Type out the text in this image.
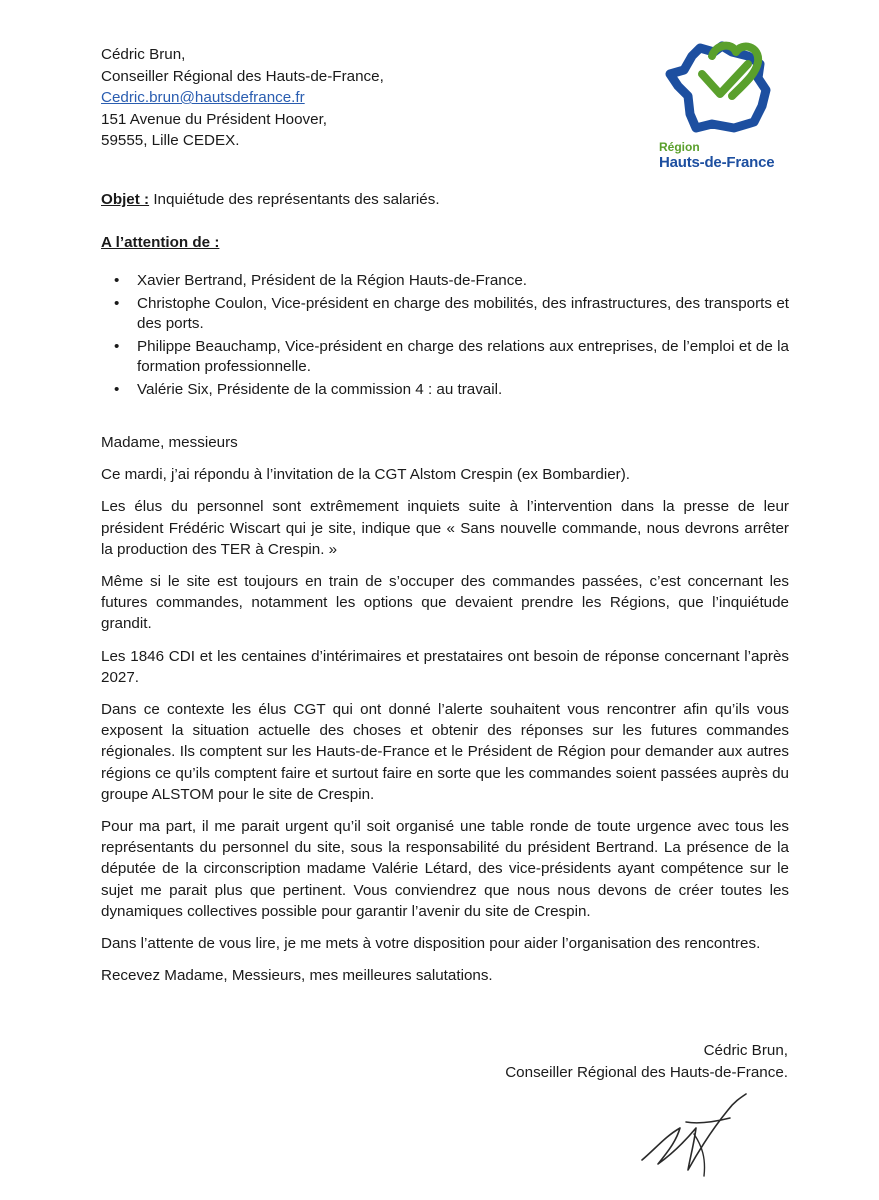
Cédric Brun,
Conseiller Régional des Hauts-de-France,
Cedric.brun@hautsdefrance.fr
151 Avenue du Président Hoover,
59555, Lille CEDEX.	Région
Hauts-de-France
Objet : Inquiétude des représentants des salariés.
A l’attention de :
• Xavier Bertrand, Président de la Région Hauts-de-France.
• Christophe Coulon, Vice-président en charge des mobilités, des infrastructures, des transports et des ports.
• Philippe Beauchamp, Vice-président en charge des relations aux entreprises, de l’emploi et de la formation professionnelle.
• Valérie Six, Présidente de la commission 4 : au travail.

Madame, messieurs

Ce mardi, j’ai répondu à l’invitation de la CGT Alstom Crespin (ex Bombardier).

Les élus du personnel sont extrêmement inquiets suite à l’intervention dans la presse de leur président Frédéric Wiscart qui je site, indique que « Sans nouvelle commande, nous devrons arrêter la production des TER à Crespin. »

Même si le site est toujours en train de s’occuper des commandes passées, c’est concernant les futures commandes, notamment les options que devaient prendre les Régions, que l’inquiétude grandit.

Les 1846 CDI et les centaines d’intérimaires et prestataires ont besoin de réponse concernant l’après 2027.

Dans ce contexte les élus CGT qui ont donné l’alerte souhaitent vous rencontrer afin qu’ils vous exposent la situation actuelle des choses et obtenir des réponses sur les futures commandes régionales. Ils comptent sur les Hauts-de-France et le Président de Région pour demander aux autres régions ce qu’ils comptent faire et surtout faire en sorte que les commandes soient passées auprès du groupe ALSTOM pour le site de Crespin.

Pour ma part, il me parait urgent qu’il soit organisé une table ronde de toute urgence avec tous les représentants du personnel du site, sous la responsabilité du président Bertrand. La présence de la députée de la circonscription madame Valérie Létard, des vice-présidents ayant compétence sur le sujet me parait plus que pertinent. Vous conviendrez que nous nous devons de créer toutes les dynamiques collectives possible pour garantir l’avenir du site de Crespin.

Dans l’attente de vous lire, je me mets à votre disposition pour aider l’organisation des rencontres.

Recevez Madame, Messieurs, mes meilleures salutations.

Cédric Brun,
Conseiller Régional des Hauts-de-France.
